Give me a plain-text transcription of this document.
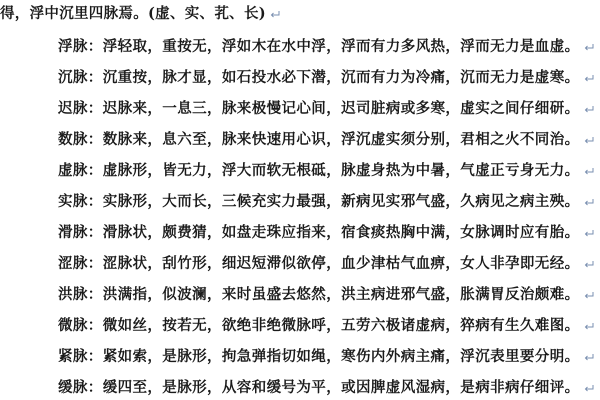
得，浮中沉里四脉焉。(虚、实、芤、长)
浮脉：浮轻取，重按无，浮如木在水中浮，浮而有力多风热，浮而无力是血虚。
沉脉：沉重按，脉才显，如石投水必下潜，沉而有力为冷痛，沉而无力是虚寒。
迟脉：迟脉来，一息三，脉来极慢记心间，迟司脏病或多寒，虚实之间仔细研。
数脉：数脉来，息六至，脉来快速用心识，浮沉虚实须分别，君相之火不同治。
虚脉：虚脉形，皆无力，浮大而软无根砥，脉虚身热为中暑，气虚正亏身无力。
实脉：实脉形，大而长，三候充实力最强，新病见实邪气盛，久病见之病主殃。
滑脉：滑脉状，颇费猜，如盘走珠应指来，宿食痰热胸中满，女脉调时应有胎。
涩脉：涩脉状，刮竹形，细迟短滞似欲停，血少津枯气血痹，女人非孕即无经。
洪脉：洪满指，似波澜，来时虽盛去悠然，洪主病进邪气盛，胀满胃反治颇难。
微脉：微如丝，按若无，欲绝非绝微脉呼，五劳六极诸虚病，猝病有生久难图。
紧脉：紧如索，是脉形，拘急弹指切如绳，寒伤内外病主痛，浮沉表里要分明。
缓脉：缓四至，是脉形，从容和缓号为平，或因脾虚风湿病，是病非病仔细评。
